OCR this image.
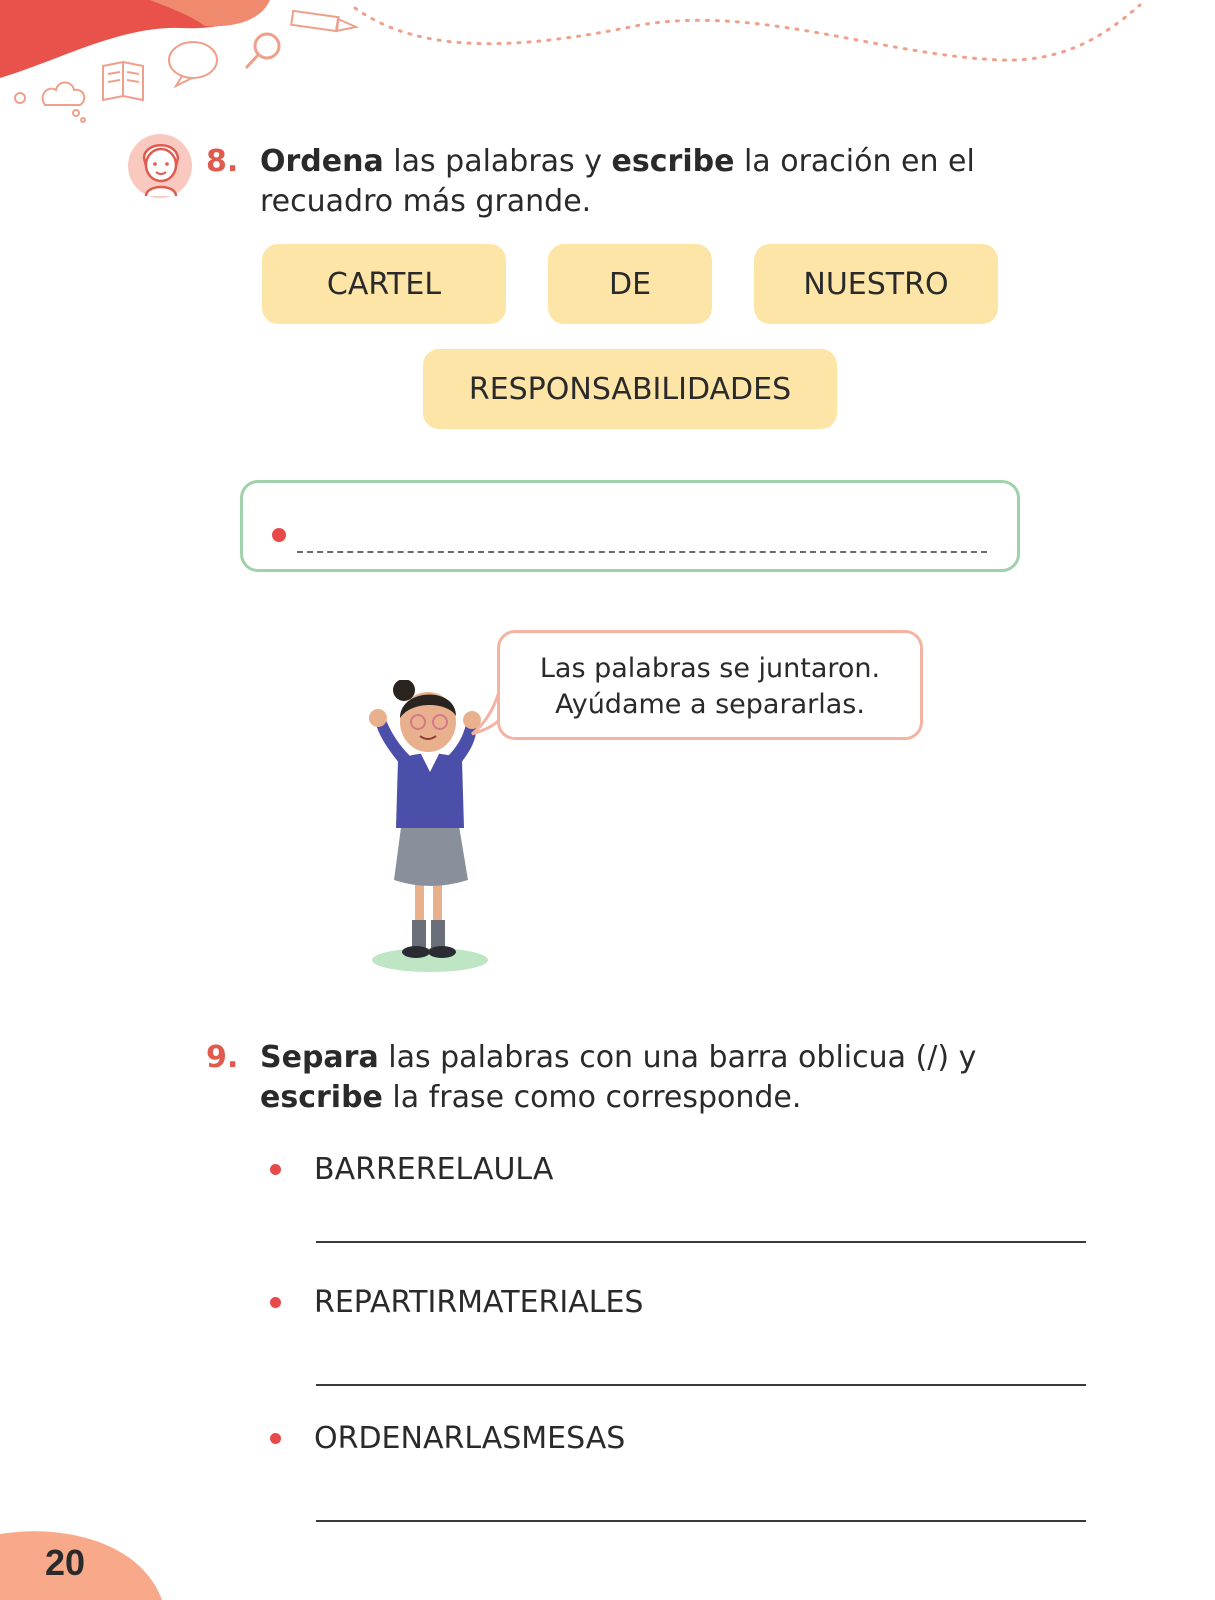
8. Ordena las palabras y escribe la oración en el
recuadro más grande.
CARTEL	DE	NUESTRO
RESPONSABILIDADES
Las palabras se juntaron.
Ayúdame a separarlas.
9. Separa las palabras con una barra oblicua (/) y
escribe la frase como corresponde.
BARRERELAULA
REPARTIRMATERIALES
ORDENARLASMESAS
20
